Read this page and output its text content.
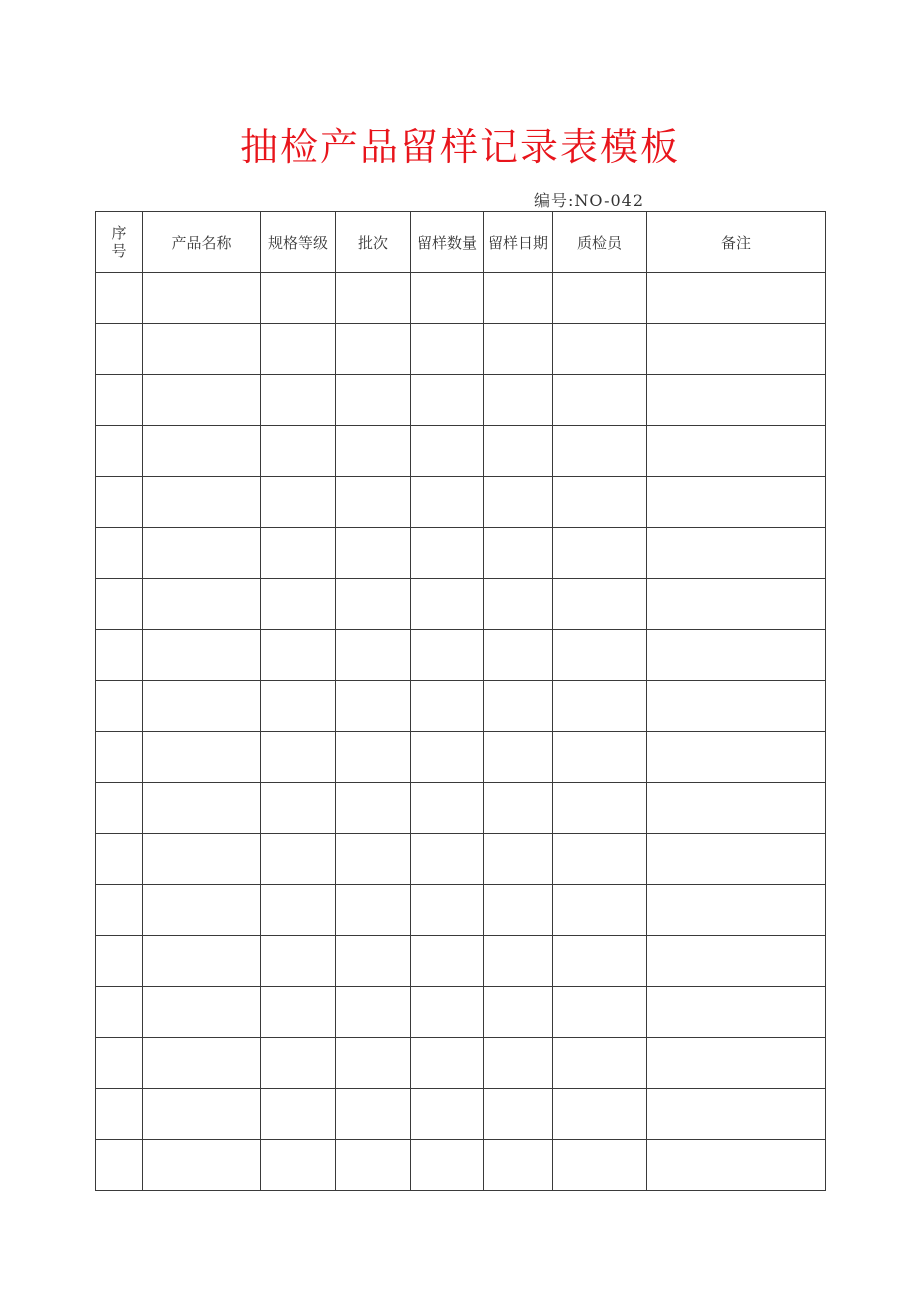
抽检产品留样记录表模板
编号:NO-042
序号	产品名称	规格等级	批次	留样数量	留样日期	质检员	备注
